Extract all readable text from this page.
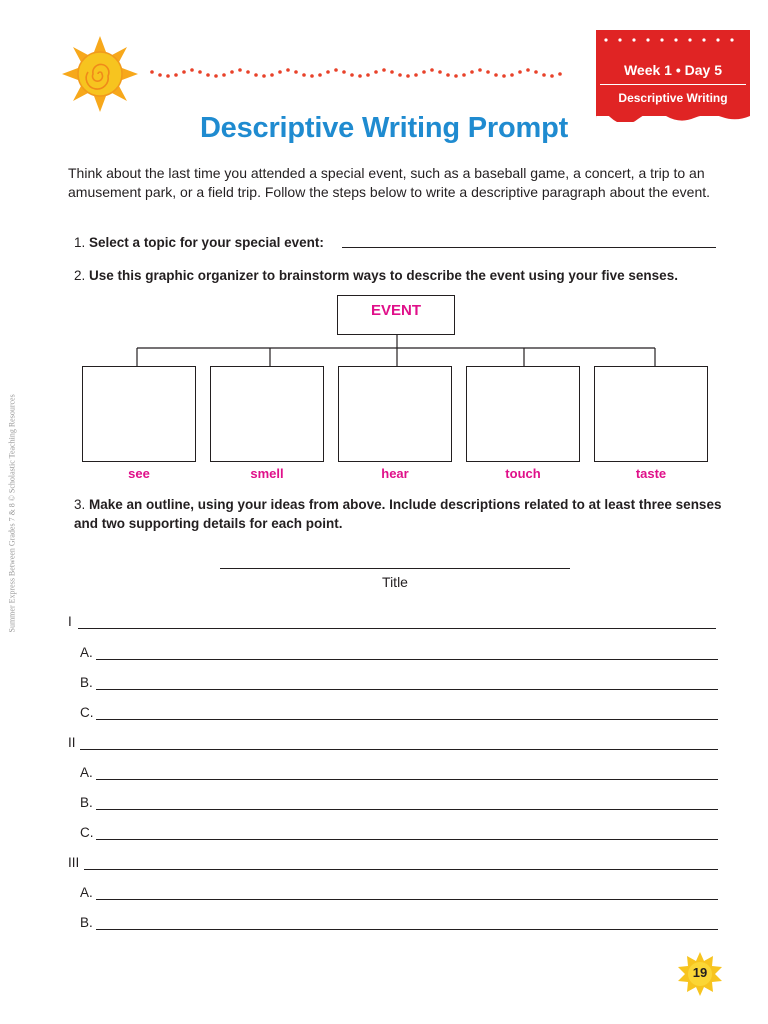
Week 1 • Day 5
Descriptive Writing
Descriptive Writing Prompt
Think about the last time you attended a special event, such as a baseball game, a concert, a trip to an amusement park, or a field trip. Follow the steps below to write a descriptive paragraph about the event.
1. Select a topic for your special event:
2. Use this graphic organizer to brainstorm ways to describe the event using your five senses.
EVENT
see	smell	hear	touch	taste
3. Make an outline, using your ideas from above. Include descriptions related to at least three senses and two supporting details for each point.
Title
I
A.
B.
C.
II
A.
B.
C.
III
A.
B.
Summer Express Between Grades 7 & 8 © Scholastic Teaching Resources
19
